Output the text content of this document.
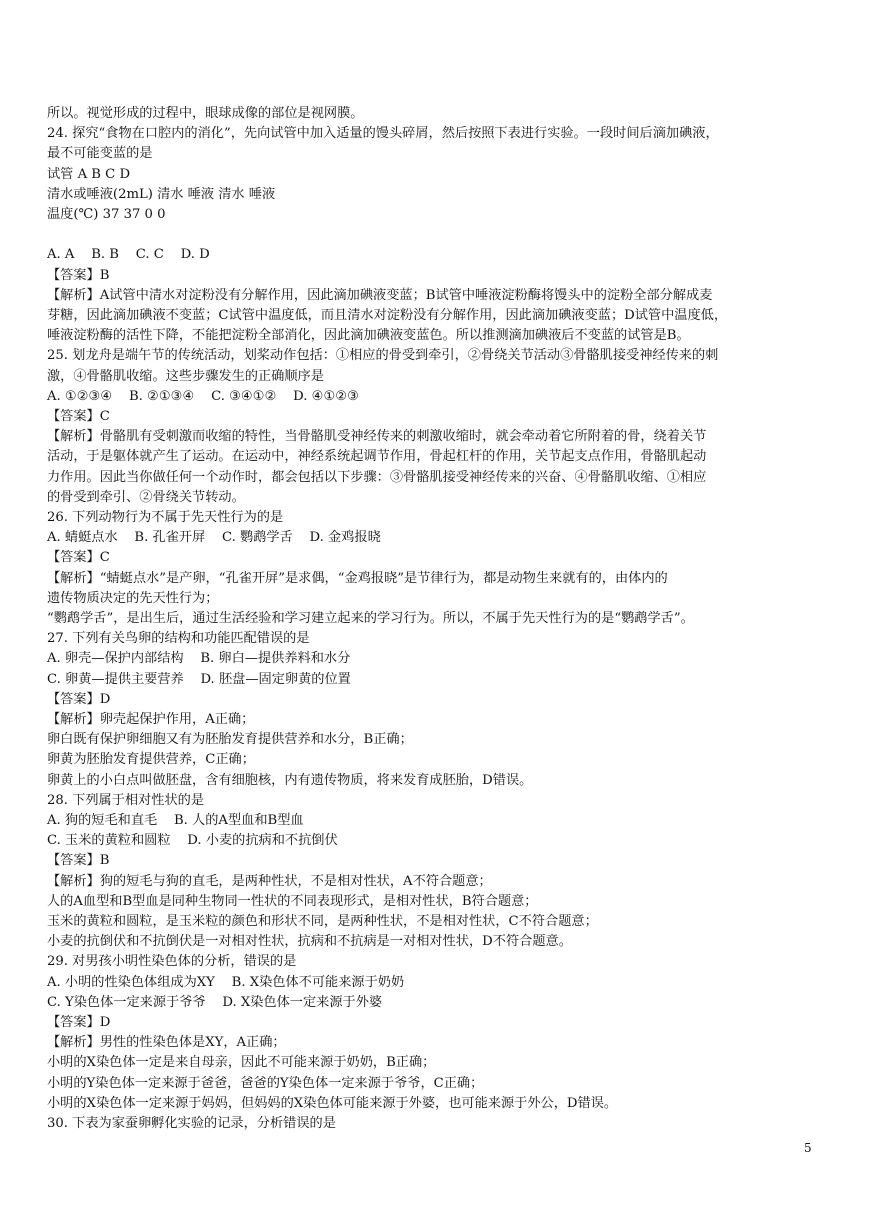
所以。视觉形成的过程中，眼球成像的部位是视网膜。
24. 探究“食物在口腔内的消化”，先向试管中加入适量的馒头碎屑，然后按照下表进行实验。一段时间后滴加碘液，
最不可能变蓝的是
试管 A B C D
清水或唾液(2mL) 清水 唾液 清水 唾液
温度(℃) 37 37 0 0
A. A    B. B    C. C    D. D
【答案】B
【解析】A试管中清水对淀粉没有分解作用，因此滴加碘液变蓝；B试管中唾液淀粉酶将馒头中的淀粉全部分解成麦
芽糖，因此滴加碘液不变蓝；C试管中温度低，而且清水对淀粉没有分解作用，因此滴加碘液变蓝；D试管中温度低，
唾液淀粉酶的活性下降，不能把淀粉全部消化，因此滴加碘液变蓝色。所以推测滴加碘液后不变蓝的试管是B。
25. 划龙舟是端午节的传统活动，划桨动作包括：①相应的骨受到牵引，②骨绕关节活动③骨骼肌接受神经传来的刺
激，④骨骼肌收缩。这些步骤发生的正确顺序是
A. ①②③④    B. ②①③④    C. ③④①②    D. ④①②③
【答案】C
【解析】骨骼肌有受刺激而收缩的特性，当骨骼肌受神经传来的刺激收缩时，就会牵动着它所附着的骨，绕着关节
活动，于是躯体就产生了运动。在运动中，神经系统起调节作用，骨起杠杆的作用，关节起支点作用，骨骼肌起动
力作用。因此当你做任何一个动作时，都会包括以下步骤：③骨骼肌接受神经传来的兴奋、④骨骼肌收缩、①相应
的骨受到牵引、②骨绕关节转动。
26. 下列动物行为不属于先天性行为的是
A. 蜻蜓点水    B. 孔雀开屏    C. 鹦鹉学舌    D. 金鸡报晓
【答案】C
【解析】“蜻蜓点水”是产卵，“孔雀开屏”是求偶，“金鸡报晓”是节律行为，都是动物生来就有的，由体内的
遗传物质决定的先天性行为；
“鹦鹉学舌”，是出生后，通过生活经验和学习建立起来的学习行为。所以，不属于先天性行为的是“鹦鹉学舌”。
27. 下列有关鸟卵的结构和功能匹配错误的是
A. 卵壳—保护内部结构    B. 卵白—提供养料和水分
C. 卵黄—提供主要营养    D. 胚盘—固定卵黄的位置
【答案】D
【解析】卵壳起保护作用，A正确；
卵白既有保护卵细胞又有为胚胎发育提供营养和水分，B正确；
卵黄为胚胎发育提供营养，C正确；
卵黄上的小白点叫做胚盘，含有细胞核，内有遗传物质，将来发育成胚胎，D错误。
28. 下列属于相对性状的是
A. 狗的短毛和直毛    B. 人的A型血和B型血
C. 玉米的黄粒和圆粒    D. 小麦的抗病和不抗倒伏
【答案】B
【解析】狗的短毛与狗的直毛，是两种性状，不是相对性状，A不符合题意；
人的A血型和B型血是同种生物同一性状的不同表现形式，是相对性状，B符合题意；
玉米的黄粒和圆粒，是玉米粒的颜色和形状不同，是两种性状，不是相对性状，C不符合题意；
小麦的抗倒伏和不抗倒伏是一对相对性状，抗病和不抗病是一对相对性状，D不符合题意。
29. 对男孩小明性染色体的分析，错误的是
A. 小明的性染色体组成为XY    B. X染色体不可能来源于奶奶
C. Y染色体一定来源于爷爷    D. X染色体一定来源于外婆
【答案】D
【解析】男性的性染色体是XY，A正确；
小明的X染色体一定是来自母亲，因此不可能来源于奶奶，B正确；
小明的Y染色体一定来源于爸爸，爸爸的Y染色体一定来源于爷爷，C正确；
小明的X染色体一定来源于妈妈，但妈妈的X染色体可能来源于外婆，也可能来源于外公，D错误。
30. 下表为家蚕卵孵化实验的记录，分析错误的是
5
